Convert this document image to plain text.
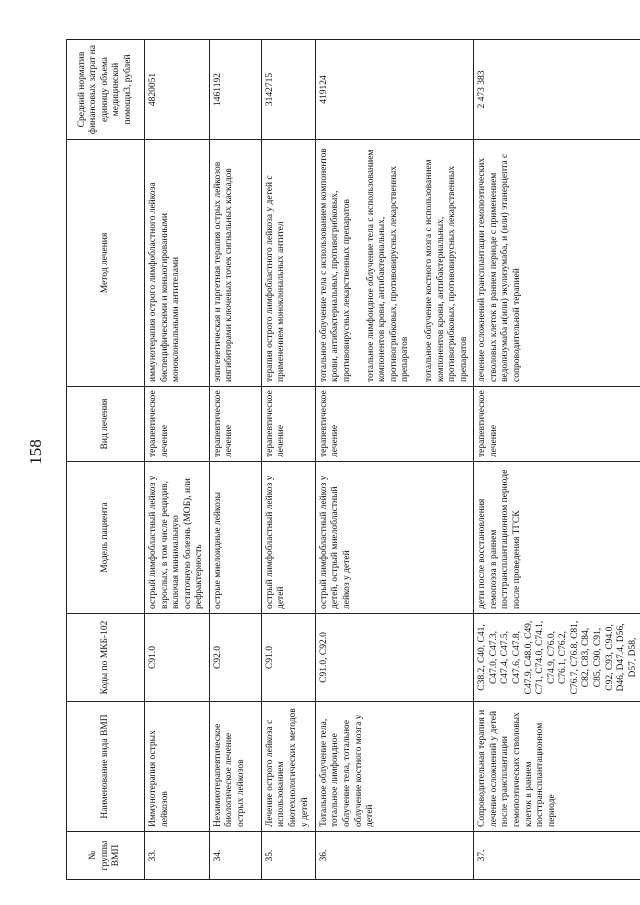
158
№ группы ВМП	Наименование вида ВМП	Коды по МКБ-102	Модель пациента	Вид лечения	Метод лечения	Средний норматив финансовых затрат на единицу объема медицинской помощи3, рублей
33.	Иммунотерапия острых лейкозов	C91.0	острый лимфобластный лейкоз у взрослых, в том числе рецидив, включая минимальную остаточную болезнь (МОБ), или рефрактерность	терапевтическое лечение	иммунотерапия острого лимфобластного лейкоза биспецифическими и коньюгированными моноклональными антителами	4820051
34.	Нехимиотерапевтическое биологическое лечение острых лейкозов	C92.0	острые миелоидные лейкозы	терапевтическое лечение	эпигенетическая и таргетная терапия острых лейкозов ингибиторами ключевых точек сигнальных каскадов	1461192
35.	Лечение острого лейкоза с использованием биотехнологических методов у детей	C91.0	острый лимфобластный лейкоз у детей	терапевтическое лечение	терапия острого лимфобластного лейкоза у детей с применением моноклональных антител	3142715
36.	Тотальное облучение тела, тотальное лимфоидное облучение тела, тотальное облучение костного мозга у детей	C91.0, C92.0	острый лимфобластный лейкоз у детей, острый миелобластный лейкоз у детей	терапевтическое лечение	тотальное облучение тела с использованием компонентов крови, антибактериальных, противогрибковых, противовирусных лекарственных препаратов тотальное лимфоидное облучение тела с использованием компонентов крови, антибактериальных, противогрибковых, противовирусных лекарственных препаратов тотальное облучение костного мозга с использованием компонентов крови, антибактериальных, противогрибковых, противовирусных лекарственных препаратов	419124
37.	Сопроводительная терапия и лечение осложнений у детей после трансплантации гемопоэтических стволовых клеток в раннем посттрансплантационном периоде	C38.2, C40, C41, C47.0, C47.3, C47.4, C47.5, C47.6, C47.8, C47.9, C48.0, C49, C71, C74.0, C74.1, C74.9, C76.0, C76.1, C76.2, C76.7, C76.8, C81, C82, C83, C84, C85, C90, C91, C92, C93, C94.0, D46, D47.4, D56, D57, D58,	дети после восстановления гемопоэза в раннем посттрансплантационном периоде после проведения ТГСК	терапевтическое лечение	лечение осложнений трансплантации гемопоэтических стволовых клеток в раннем периоде с применением ведолизумаба и(или) экулизумаба, и (или) этанерцепта с сопроводительной терапией	2 473 383
